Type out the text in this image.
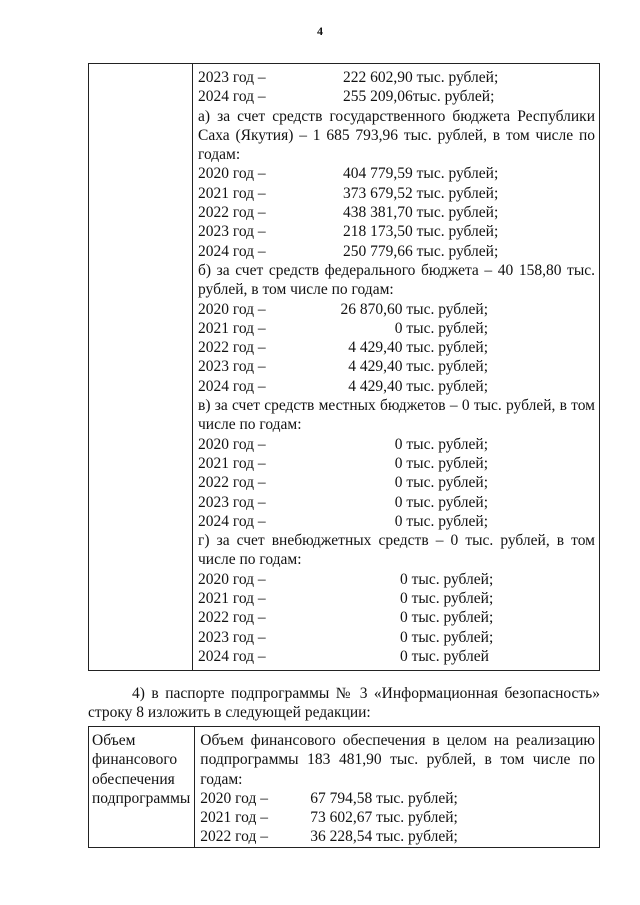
4

2023 год –	222 602,90 тыс. рублей;
2024 год –	255 209,06тыс. рублей;
а) за счет средств государственного бюджета Республики Саха (Якутия) – 1 685 793,96 тыс. рублей, в том числе по годам:
2020 год –	404 779,59 тыс. рублей;
2021 год –	373 679,52 тыс. рублей;
2022 год –	438 381,70 тыс. рублей;
2023 год –	218 173,50 тыс. рублей;
2024 год –	250 779,66 тыс. рублей;
б) за счет средств федерального бюджета – 40 158,80 тыс. рублей, в том числе по годам:
2020 год –	26 870,60 тыс. рублей;
2021 год –	0 тыс. рублей;
2022 год –	4 429,40 тыс. рублей;
2023 год –	4 429,40 тыс. рублей;
2024 год –	4 429,40 тыс. рублей;
в) за счет средств местных бюджетов – 0 тыс. рублей, в том числе по годам:
2020 год –	0 тыс. рублей;
2021 год –	0 тыс. рублей;
2022 год –	0 тыс. рублей;
2023 год –	0 тыс. рублей;
2024 год –	0 тыс. рублей;
г) за счет внебюджетных средств – 0 тыс. рублей, в том числе по годам:
2020 год –	0 тыс. рублей;
2021 год –	0 тыс. рублей;
2022 год –	0 тыс. рублей;
2023 год –	0 тыс. рублей;
2024 год –	0 тыс. рублей
4) в паспорте подпрограммы № 3 «Информационная безопасность» строку 8 изложить в следующей редакции:
Объем финансового обеспечения подпрограммы

Объем финансового обеспечения в целом на реализацию подпрограммы 183 481,90 тыс. рублей, в том числе по годам:
2020 год –	67 794,58 тыс. рублей;
2021 год –	73 602,67 тыс. рублей;
2022 год –	36 228,54 тыс. рублей;
